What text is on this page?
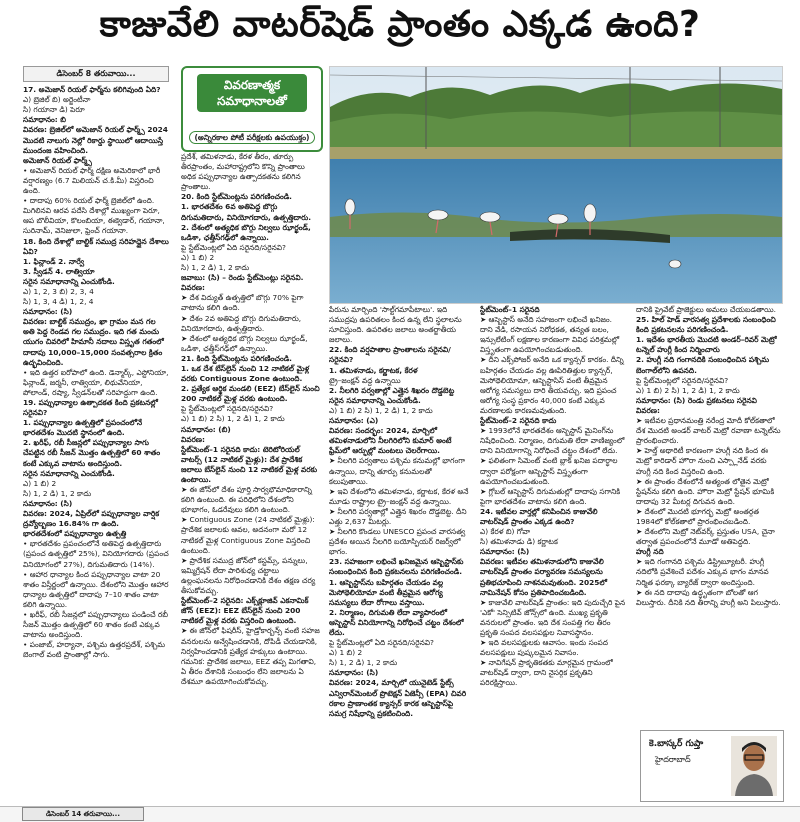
కాజువేలి వాటర్‌షెడ్ ప్రాంతం ఎక్కడ ఉంది?
డిసెంబర్ 8 తరువాయి...

17. అమెజాన్ రియల్ ఫార్మ్‌ను కలిగివుంది ఏది?

ఎ) బ్రెజిల్ బి) అర్జెంటీనా

సి) గయానా డి) పెరూ

సమాధానం: బి

వివరణ: బ్రెజిల్‌లో అమెజాన్ రియల్ ఫార్మ్స్ 2024 మొదటి నాలుగు నెల్లో రికార్డు స్థాయిలో ఆదాయిస్తే ముందంజ వహించింది.

అమెజాన్ రియల్ ఫార్మ్స్

• అమెజాన్ రియల్ ఫార్మ్ దక్షిణ అమెరికాలో భారీ వర్షారణ్యం (6.7 మిలియన్ చ.కి.మీ) విస్తరించి ఉంది.

• దాదాపు 60% రియల్ ఫార్మ్ బ్రెజిల్‌లో ఉంది. మిగిలినవి ఆరవ పదేసి దేశాల్లో ముఖ్యంగా పెరూ, ఆప బొలీవియా, కొలంబియా, ఈక్వెడార్, గయానా, సురినామ్, వెనిజులా, ఫ్రెంచ్ గయానా.

18. కింది దేశాల్లో బాల్టిక్ సముద్ర సరిహద్దైన దేశాలు ఏవి?

1. ఫిన్లాండ్ 2. నార్వే

3. స్వీడన్ 4. లాత్వియా

సరైన సమాధానాన్ని ఎంచుకోండి.

ఎ) 1, 2, 3 బి) 2, 3, 4

సి) 1, 3, 4 డి) 1, 2, 4

సమాధానం: (సి)

వివరణ: బాల్టిక్ సముద్రం, ఖా గ్రామం మన గల అతి పెద్ద రెండవ గల సముద్రం. ఇది గత మంచు యుగం చివరిలో హిమానీ నదాలు విస్తృత గతంలో దాదాపు 10,000–15,000 సంవత్సరాల క్రితం ఉద్భవించింది.

• ఇది ఉత్తర ఐరోపాలో ఉంది. డెన్మార్క్, ఎస్టోనియా, ఫిన్లాండ్, జర్మనీ, లాత్వియా, లిథువేనియా, పోలాండ్, రష్యా, స్వీడన్‌లతో సరిహద్దుగా ఉంది.

19. పప్పుధాన్యాల ఉత్పాదకత కింది ప్రకటనల్లో సరైనవి?

1. పప్పుధాన్యాల ఉత్పత్తిలో ప్రపంచంలోనే భారతదేశం మొదటి స్థానంలో ఉంది.

2. ఖరీఫ్, రబీ సీజన్లలో పప్పుధాన్యాల సాగు చేపట్టిన రబీ సీజన్ మొత్తం ఉత్పత్తిలో 60 శాతం కంటే ఎక్కువ వాటాను అందిస్తుంది.

సరైన సమాధానాన్ని ఎంచుకోండి.

ఎ) 1 బి) 2

సి) 1, 2 డి) 1, 2 కాదు

సమాధానం: (సి)

వివరణ: 2024, ఏప్రిల్‌లో పప్పుధాన్యాల వార్షిక ద్రవ్యోల్బణం 16.84% గా ఉంది.

భారతదేశంలో పప్పుధాన్యాల ఉత్పత్తి

• భారతదేశం ప్రపంచంలోనే అతిపెద్ద ఉత్పత్తిదారు (ప్రపంచ ఉత్పత్తిలో 25%), వినియోగదారు (ప్రపంచ వినియోగంలో 27%), దిగుమతిదారు (14%).

• ఆహార ధాన్యాల కింద పప్పుధాన్యాల వాటా 20 శాతం విస్తీర్ణంలో ఉన్నాయి. దేశంలోని మొత్తం ఆహార ధాన్యాల ఉత్పత్తిలో దాదాపు 7–10 శాతం వాటా కలిగి ఉన్నాయి.

• ఖరీఫ్, రబీ సీజన్లలో పప్పుధాన్యాలు పండించే రబీ సీజన్ మొత్తం ఉత్పత్తిలో 60 శాతం కంటే ఎక్కువ వాటాను అందిస్తుంది.

• పంజాబ్, హర్యానా, పశ్చిమ ఉత్తరప్రదేశ్, పశ్చిమ బెంగాల్ వంటి ప్రాంతాల్లో సాగు.

వివరణాత్మక సమాధానాలతో
(అన్నిరకాల పోటీ పరీక్షలకు ఉపయుక్తం)

ప్రదేశ్, తమిళనాడు, కేరళ తీరం, తూర్పు తీరప్రాంతం, మహారాష్ట్రలోని కొన్ని ప్రాంతాలు అధిక పప్పుధాన్యాల ఉత్పాదకతను కలిగిన ప్రాంతాలు.

20. కింది స్టేట్‌మెంట్లను పరిగణించండి.

1. భారతదేశం 6వ అతిపెద్ద బొగ్గు దిగుమతిదారు, వినియోగదారు, ఉత్పత్తిదారు.

2. దేశంలో అత్యధిక బొగ్గు నిల్వలు ఝార్ఖండ్, ఒడిశా, ఛత్తీస్‌గఢ్‌లో ఉన్నాయి.

పై స్టేట్‌మెంట్లలో ఏది సరైనది/సరైనవి?

ఎ) 1 బి) 2

సి) 1, 2 డి) 1, 2 కాదు

జవాబు: (సి) – రెండు స్టేట్‌మెంట్లు సరైనవి.

వివరణ:

➤ దేశ విద్యుత్ ఉత్పత్తిలో బొగ్గు 70% పైగా వాటాను కలిగి ఉంది.

➤ దేశం 2వ అతిపెద్ద బొగ్గు దిగుమతిదారు, వినియోగదారు, ఉత్పత్తిదారు.

➤ దేశంలో అత్యధిక బొగ్గు నిల్వలు ఝార్ఖండ్, ఒడిశా, ఛత్తీస్‌గఢ్‌లో ఉన్నాయి.

21. కింది స్టేట్‌మెంట్లను పరిగణించండి.

1. ఒక దేశ బేస్‌లైన్ నుంచి 12 నాటికల్ మైళ్ల వరకు Contiguous Zone ఉంటుంది.

2. ప్రత్యేక ఆర్థిక మండలి (EEZ) బేస్‌లైన్ నుంచి 200 నాటికల్ మైళ్ల వరకు ఉంటుంది.

పై స్టేట్‌మెంట్లలో సరైనది/సరైనవి?

ఎ) 1 బి) 2 సి) 1, 2 డి) 1, 2 కాదు

సమాధానం: (బి)

వివరణ:

స్టేట్‌మెంట్–1 సరైనది కాదు: టెరిటోరియల్ వాటర్స్ (12 నాటికల్ మైళ్లు): దేశ ప్రాదేశిక జలాలు బేస్‌లైన్ నుంచి 12 నాటికల్ మైళ్ల వరకు ఉంటాయి.

➤ ఈ జోన్‌లో దేశం పూర్తి సార్వభౌమాధికారాన్ని కలిగి ఉంటుంది. ఈ పరిధిలోని దేశంలోని భూభాగం, ఓడరేవులు కలిగి ఉంటుంది.

➤ Contiguous Zone (24 నాటికల్ మైళ్లు): ప్రాదేశిక జలాలకు ఆవల, అదనంగా మరో 12 నాటికల్ మైళ్ల Contiguous Zone విస్తరించి ఉంటుంది.

➤ ప్రాదేశిక సముద్ర జోన్‌లో కస్టమ్స్, పన్నులు, ఇమ్మిగ్రేషన్ లేదా పారిశుధ్య చట్టాలు ఉల్లంఘనలను నిరోధించడానికి దేశం తక్షణ చర్య తీసుకోవచ్చు.

స్టేట్‌మెంట్–2 సరైనది: ఎక్స్‌క్లూజివ్ ఎకనామిక్ జోన్ (EEZ): EEZ బేస్‌లైన్ నుంచి 200 నాటికల్ మైళ్ల వరకు విస్తరించి ఉంటుంది.

➤ ఈ జోన్‌లో ఫిషరీస్, హైడ్రోకార్బన్స్ వంటి సహజ వనరులను అన్వేషించడానికి, దోపిడీ చేయడానికి, నిర్వహించడానికి ప్రత్యేక హక్కులు ఉంటాయి.

గమనిక: ప్రాదేశిక జలాలు, EEZ తప్ప మిగతావి, ఏ తీరం దేశానికి సంబంధం లేని జలాలను ఏ దేశమూ ఉపయోగించుకోవచ్చు.

పేరును మార్చింది 'సాల్ట్‌గమాపీటాలు'. ఇది సముద్రపు ఉపరితలం కింద ఉన్న లేని స్థలాలను సూచిస్తుంది. ఉపరితల జలాలు అంతర్జాతీయ జలాలు.

22. కింది వర్షపాతాల ప్రాంతాలను సరైనవి/సరైనవి?

1. తమిళనాడు, కర్ణాటక, కేరళ

ట్రై–జంక్షన్ వద్ద ఉన్నాయి

2. నీలగిరి పర్వతాల్లో ఎత్తైన శిఖరం దొడ్డబెట్ట

సరైన సమాధానాన్ని ఎంచుకోండి.

ఎ) 1 బి) 2 సి) 1, 2 డి) 1, 2 కాదు

సమాధానం: (ఎ)

వివరణ: సందర్భం: 2024, మార్చిలో తమిళనాడులోని నీలగిరిలోని కుమార్ అంటే ఫ్రేమ్‌లో ఆర్ఫుల్లో మంటలు చెలరేగాయి.

➤ నీలగిరి పర్వతాలు పశ్చిమ కనుమల్లో భాగంగా ఉన్నాయి, దాన్ని తూర్పు కనుమలతో కలుపుతాయి.

➤ ఇవి దేశంలోని తమిళనాడు, కర్ణాటక, కేరళ అనే మూడు రాష్ట్రాల ట్రై–జంక్షన్ వద్ద ఉన్నాయి.

➤ నీలగిరి పర్వతాల్లో ఎత్తైన శిఖరం దొడ్డబెట్ట. దీని ఎత్తు 2,637 మీటర్లు.

➤ నీలగిరి కొండలు UNESCO ప్రపంచ వారసత్వ ప్రదేశం అయిన నీలగిరి బయోస్ఫియర్ రిజర్వ్‌లో భాగం.

23. సహజంగా లభించే ఖనిజమైన ఆస్బెస్టాస్‌కు సంబంధించిన కింది ప్రకటనలను పరిగణించండి.

1. ఆస్బెస్టాస్‌ను బహిర్గతం చేయడం వల్ల మెసోథెలియోమా వంటి తీవ్రమైన ఆరోగ్య సమస్యలు లేదా రోగాలు వస్తాయి.

2. నిర్మాణం, దిగుమతి లేదా వ్యాపారంలో ఆస్బెస్టాస్ వినియోగాన్ని నిరోధించే చట్టం దేశంలో లేదు.

పై స్టేట్‌మెంట్లలో ఏది సరైనది/సరైనవి?

ఎ) 1 బి) 2

సి) 1, 2 డి) 1, 2 కాదు

సమాధానం: (సి)

వివరణ: 2024, మార్చిలో యునైటెడ్ స్టేట్స్ ఎన్విరాన్‌మెంటల్ ప్రొటెక్షన్ ఏజెన్సీ (EPA) చివరి రకాల ప్రాణాంతక క్యాన్సర్ కారక ఆస్బెస్టాస్‌పై సమగ్ర నిషేధాన్ని ప్రకటించింది.

స్టేట్‌మెంట్–1 సరైనది

➤ ఆస్బెస్టాస్ అనేది సహజంగా లభించే ఖనిజం. దాని వేడి, రసాయన నిరోధకత, తన్యత బలం, ఇన్సులేటింగ్ లక్షణాల కారణంగా వివిధ పరిశ్రమల్లో విస్తృతంగా ఉపయోగించబడుతుంది.

➤ దీని ఎక్స్‌పోజర్ అనేది ఒక క్యాన్సర్ కారకం. దీన్ని బహిర్గతం చేయడం వల్ల ఊపిరితిత్తుల క్యాన్సర్, మెసోథెలియోమా, ఆస్బెస్టాసిస్ వంటి తీవ్రమైన ఆరోగ్య సమస్యలు దారి తీయవచ్చు. ఇది ప్రపంచ ఆరోగ్య సంస్థ ప్రకారం 40,000 కంటే ఎక్కువ మరణాలకు కారణమవుతుంది.

స్టేట్‌మెంట్–2 సరైనది కాదు

➤ 1993లోనే భారతదేశం ఆస్బెస్టాస్ మైనింగ్‌ను నిషేధించింది. నిర్మాణం, దిగుమతి లేదా వాణిజ్యంలో దాని వినియోగాన్ని నిరోధించే చట్టం దేశంలో లేదు.

➤ ఫలితంగా సిమెంట్ వంటి బ్లాక్ ఖనిజ పదార్థాల ద్వారా పరోక్షంగా ఆస్బెస్టాస్ విస్తృతంగా ఉపయోగించబడుతుంది.

➤ గ్లోబల్ ఆస్బెస్టాస్ దిగుమతుల్లో దాదాపు సగానికి పైగా భారతదేశం వాటాను కలిగి ఉంది.

24. ఇటీవల వార్తల్లో కనిపించిన కాజువేలి వాటర్‌షెడ్ ప్రాంతం ఎక్కడ ఉంది?

ఎ) కేరళ బి) గోవా

సి) తమిళనాడు డి) కర్ణాటక

సమాధానం: (సి)

వివరణ: ఇటీవల తమిళనాడులోని కాజువేలి వాటర్‌షెడ్ ప్రాంతం పర్యావరణ సమస్యలను ప్రతిభచూపించి నాశనమవుతుంది. 2025లో నామినేషన్ కోసం ప్రతిపాదించబడింది.

➤ కాజువేలి వాటర్‌షెడ్ ప్రాంతం: ఇది పుదుచ్చేరి పైన 'ఎకో' సెన్సిటివ్ జోన్స్‌లో ఉంది. ముఖ్య ప్రకృతి వనరులలో ప్రాంతం. ఇది దేశ సంపత్తి గల తీరం ప్రకృతి సంపద వలసపక్షుల నివాసస్థానం.

➤ ఇది వలసపక్షులకు ఆవాసం. ఇందు సంపద వలసపక్షులు పుష్కలమైన నివాసం.

➤ నావిగేషన్ ప్రాకృతికతకు మార్గమైన గ్రామంలో వాటర్‌షెడ్ ద్వారా, దాని నైసర్గిక ప్రకృతిని పరిరక్షిస్తాయి.

దానికి ప్రైవేట్ ప్రాజెక్టులు అమలు చేయబడతాయి.

25. హిల్ హెడ్ వారసత్వ ప్రదేశాలకు సంబంధించి కింది ప్రకటనలను పరిగణించండి.

1. ఇదేశం భారతీయ మొదటి అండర్–రివర్ మెట్రో టన్నెల్ హుగ్లీ కింద నిర్మించారు

2. హుగ్లీ నది గంగానదికి సంబంధించిన పశ్చిమ బెంగాల్‌లోని ఉపనది.

పై స్టేట్‌మెంట్లలో సరైనది/సరైనవి?

ఎ) 1 బి) 2 సి) 1, 2 డి) 1, 2 కాదు

సమాధానం: (సి) రెండు ప్రకటనలు సరైనవి

వివరణ:

➤ ఇటీవల ప్రధానమంత్రి నరేంద్ర మోదీ కోల్‌కతాలో దేశ మొదటి అండర్ వాటర్ మెట్రో రవాణా టన్నెల్‌ను ప్రారంభించారు.

➤ హెల్త్ అథారిటీ కారణంగా హుగ్లీ నది కింద ఈ మెట్రో కారిడార్ హౌరా నుంచి ఎస్ప్లానేడ్ వరకు హుగ్లీ నది కింద విస్తరించి ఉంది.

➤ ఈ ప్రాంతం దేశంలోనే అత్యంత లోతైన మెట్రో స్టేషన్‌ను కలిగి ఉంది. హౌరా మెట్రో స్టేషన్ భూమికి దాదాపు 32 మీటర్ల దిగువన ఉంది.

➤ దేశంలో మొదటి భూగర్భ మెట్రో అంతర్గత 1984లో కోల్‌కతాలో ప్రారంభించబడింది.

➤ దేశంలోని మెట్రో నెట్‌వర్క్ ప్రస్తుతం USA, చైనా తర్వాత ప్రపంచంలోనే మూడో అతిపెద్దది.

హుగ్లీ నది

➤ ఇది గంగానది పశ్చిమ డిస్ట్రిబ్యూటరీ. హుగ్లీ నదిలోకి ప్రవేశించే పదేశం ఎక్కువ భాగం మానవ నిర్మిత ఫరక్కా బ్యారేజ్ ద్వారా అందిస్తుంది.

➤ ఈ నది దాదాపు ఉద్ధృతంగా బోలతో ఆగ విలుస్తారు. దీనికి నది తీరాన్ని హుగ్లీ అని పిలుస్తారు.

కె.బాస్కర్ గుప్తా
హైదరాబాద్
డిసెంబర్ 14 తరువాయి...
